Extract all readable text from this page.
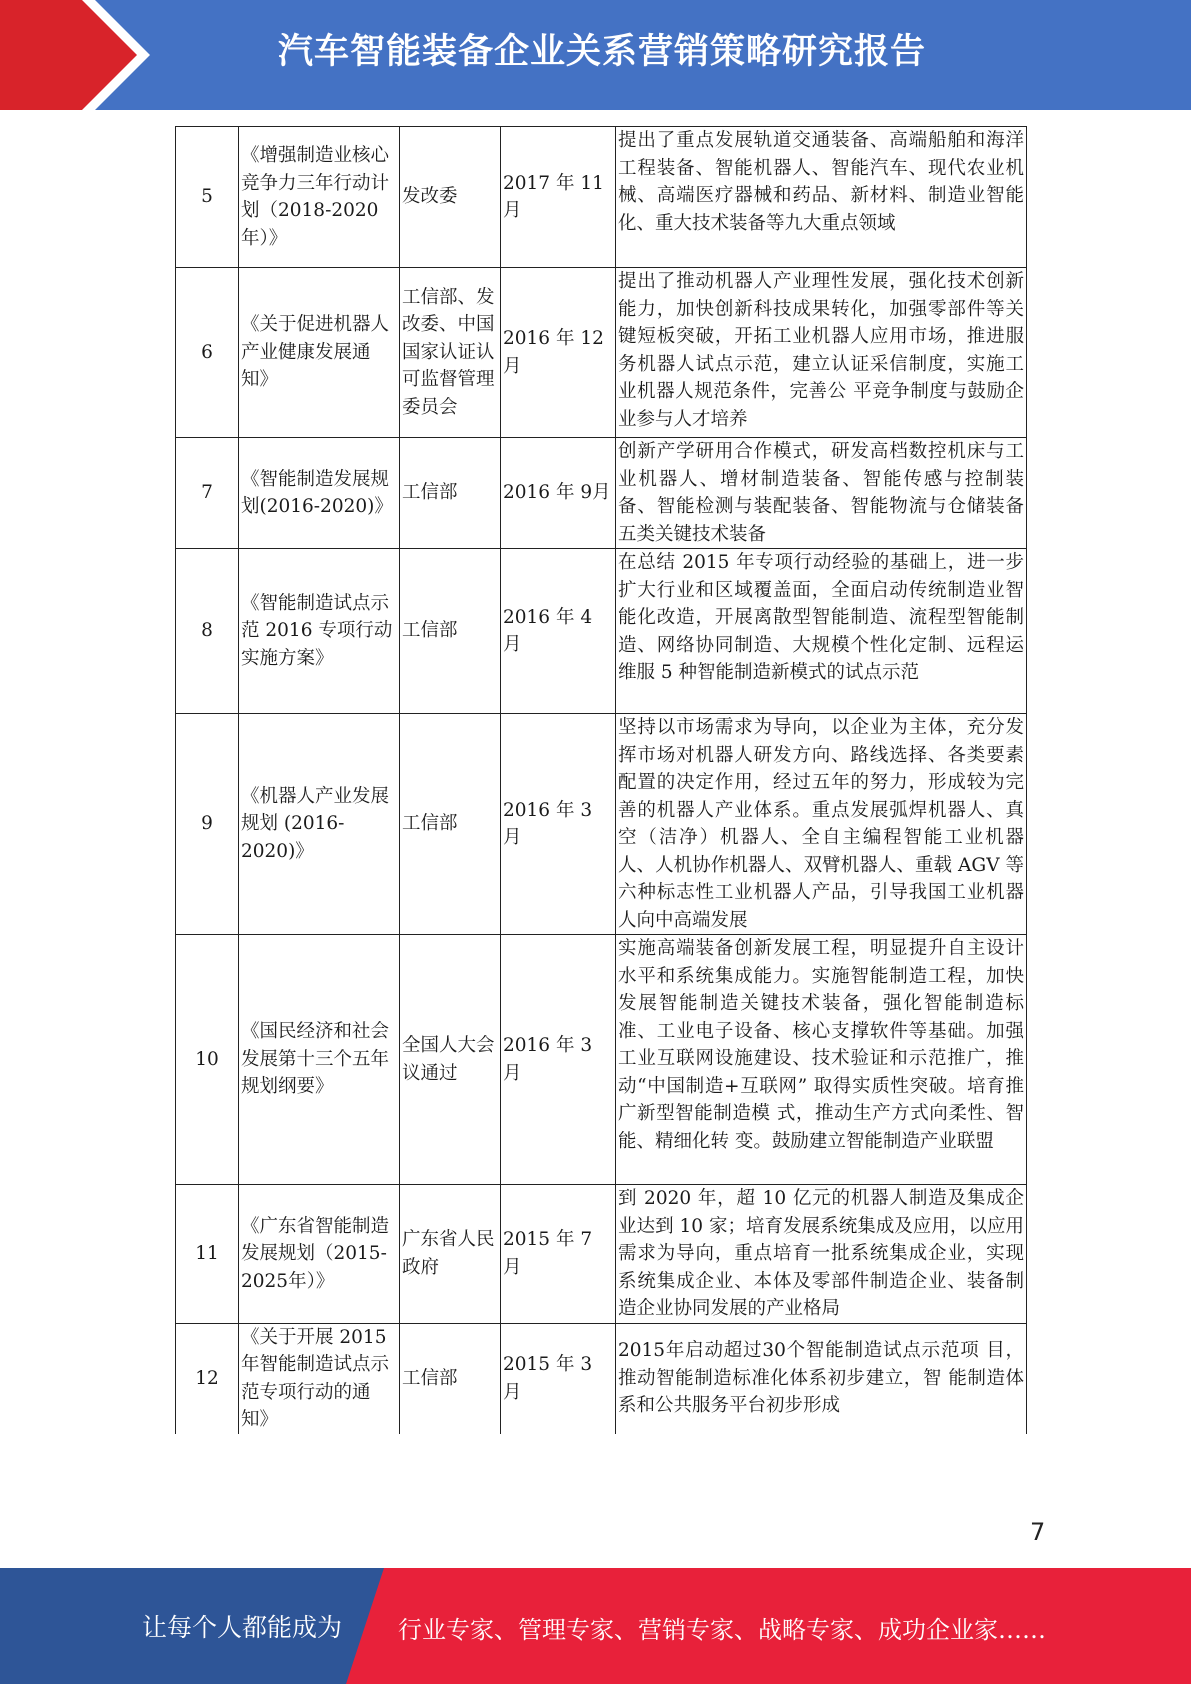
汽车智能装备企业关系营销策略研究报告
5	《增强制造业核心竞争力三年行动计划（2018-2020年）》	发改委	2017 年 11 月	提出了重点发展轨道交通装备、高端船舶和海洋工程装备、智能机器人、智能汽车、现代农业机械、高端医疗器械和药品、新材料、制造业智能化、重大技术装备等九大重点领域
6	《关于促进机器人产业健康发展通知》	工信部、发改委、中国国家认证认可监督管理委员会	2016 年 12 月	提出了推动机器人产业理性发展，强化技术创新能力，加快创新科技成果转化，加强零部件等关键短板突破，开拓工业机器人应用市场，推进服务机器人试点示范，建立认证采信制度，实施工业机器人规范条件，完善公 平竞争制度与鼓励企业参与人才培养
7	《智能制造发展规划(2016-2020)》	工信部	2016 年 9月	创新产学研用合作模式，研发高档数控机床与工业机器人、增材制造装备、智能传感与控制装备、智能检测与装配装备、智能物流与仓储装备五类关键技术装备
8	《智能制造试点示范 2016 专项行动实施方案》	工信部	2016 年 4 月	在总结 2015 年专项行动经验的基础上，进一步扩大行业和区域覆盖面，全面启动传统制造业智能化改造，开展离散型智能制造、流程型智能制造、网络协同制造、大规模个性化定制、远程运维服 5 种智能制造新模式的试点示范
9	《机器人产业发展规划 (2016-2020)》	工信部	2016 年 3 月	坚持以市场需求为导向，以企业为主体，充分发挥市场对机器人研发方向、路线选择、各类要素配置的决定作用，经过五年的努力，形成较为完善的机器人产业体系。重点发展弧焊机器人、真空（洁净）机器人、全自主编程智能工业机器人、人机协作机器人、双臂机器人、重载 AGV 等六种标志性工业机器人产品，引导我国工业机器人向中高端发展
10	《国民经济和社会发展第十三个五年规划纲要》	全国人大会议通过	2016 年 3 月	实施高端装备创新发展工程，明显提升自主设计水平和系统集成能力。实施智能制造工程，加快发展智能制造关键技术装备，强化智能制造标准、工业电子设备、核心支撑软件等基础。加强工业互联网设施建设、技术验证和示范推广，推动“中国制造+互联网” 取得实质性突破。培育推广新型智能制造模 式，推动生产方式向柔性、智能、精细化转 变。鼓励建立智能制造产业联盟
11	《广东省智能制造发展规划（2015-2025年）》	广东省人民政府	2015 年 7 月	到 2020 年，超 10 亿元的机器人制造及集成企业达到 10 家；培育发展系统集成及应用，以应用需求为导向，重点培育一批系统集成企业，实现系统集成企业、本体及零部件制造企业、装备制造企业协同发展的产业格局
12	《关于开展 2015 年智能制造试点示范专项行动的通知》	工信部	2015 年 3 月	2015年启动超过30个智能制造试点示范项 目，推动智能制造标准化体系初步建立，智 能制造体系和公共服务平台初步形成
7
让每个人都能成为 行业专家、管理专家、营销专家、战略专家、成功企业家……
